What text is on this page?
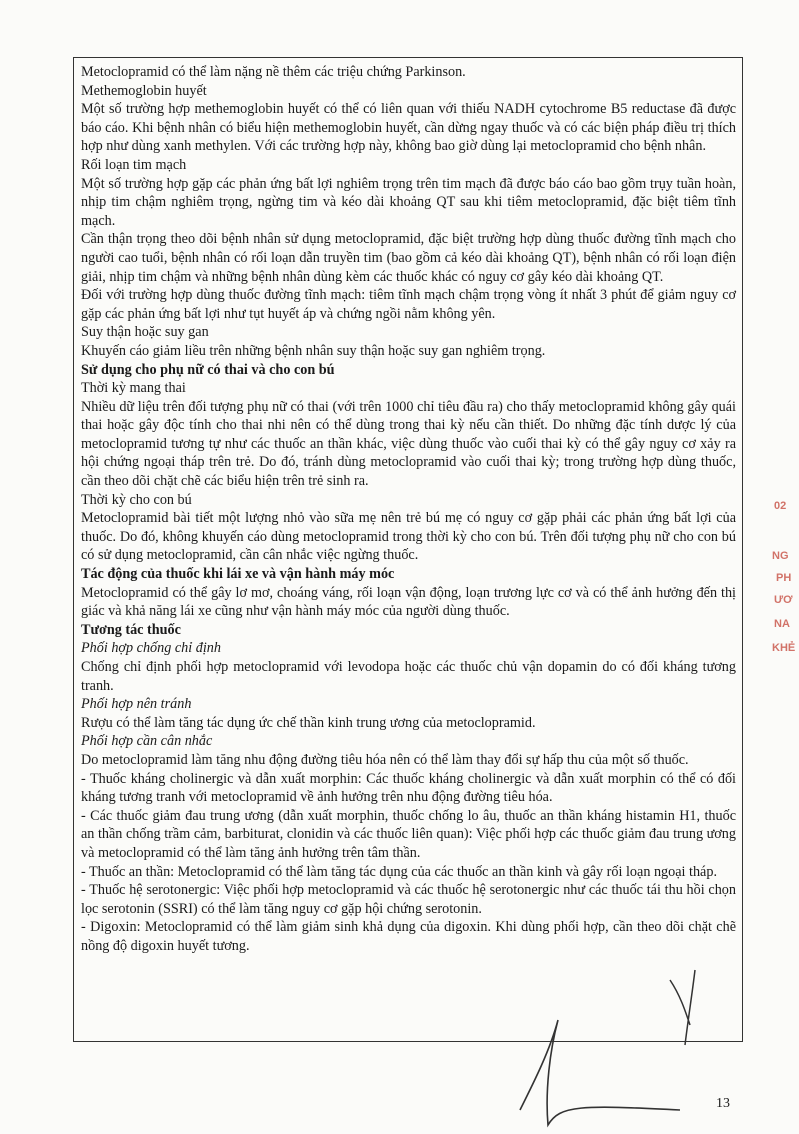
Metoclopramid có thể làm nặng nề thêm các triệu chứng Parkinson.

Methemoglobin huyết

Một số trường hợp methemoglobin huyết có thể có liên quan với thiếu NADH cytochrome B5 reductase đã được báo cáo. Khi bệnh nhân có biểu hiện methemoglobin huyết, cần dừng ngay thuốc và có các biện pháp điều trị thích hợp như dùng xanh methylen. Với các trường hợp này, không bao giờ dùng lại metoclopramid cho bệnh nhân.

Rối loạn tim mạch

Một số trường hợp gặp các phản ứng bất lợi nghiêm trọng trên tim mạch đã được báo cáo bao gồm trụy tuần hoàn, nhịp tim chậm nghiêm trọng, ngừng tim và kéo dài khoảng QT sau khi tiêm metoclopramid, đặc biệt tiêm tĩnh mạch.

Cần thận trọng theo dõi bệnh nhân sử dụng metoclopramid, đặc biệt trường hợp dùng thuốc đường tĩnh mạch cho người cao tuổi, bệnh nhân có rối loạn dẫn truyền tim (bao gồm cả kéo dài khoảng QT), bệnh nhân có rối loạn điện giải, nhịp tim chậm và những bệnh nhân dùng kèm các thuốc khác có nguy cơ gây kéo dài khoảng QT.

Đối với trường hợp dùng thuốc đường tĩnh mạch: tiêm tĩnh mạch chậm trọng vòng ít nhất 3 phút để giảm nguy cơ gặp các phản ứng bất lợi như tụt huyết áp và chứng ngồi nằm không yên.

Suy thận hoặc suy gan

Khuyến cáo giảm liều trên những bệnh nhân suy thận hoặc suy gan nghiêm trọng.

Sử dụng cho phụ nữ có thai và cho con bú

Thời kỳ mang thai

Nhiều dữ liệu trên đối tượng phụ nữ có thai (với trên 1000 chỉ tiêu đầu ra) cho thấy metoclopramid không gây quái thai hoặc gây độc tính cho thai nhi nên có thể dùng trong thai kỳ nếu cần thiết. Do những đặc tính dược lý của metoclopramid tương tự như các thuốc an thần khác, việc dùng thuốc vào cuối thai kỳ có thể gây nguy cơ xảy ra hội chứng ngoại tháp trên trẻ. Do đó, tránh dùng metoclopramid vào cuối thai kỳ; trong trường hợp dùng thuốc, cần theo dõi chặt chẽ các biểu hiện trên trẻ sinh ra.

Thời kỳ cho con bú

Metoclopramid bài tiết một lượng nhỏ vào sữa mẹ nên trẻ bú mẹ có nguy cơ gặp phải các phản ứng bất lợi của thuốc. Do đó, không khuyến cáo dùng metoclopramid trong thời kỳ cho con bú. Trên đối tượng phụ nữ cho con bú có sử dụng metoclopramid, cần cân nhắc việc ngừng thuốc.

Tác động của thuốc khi lái xe và vận hành máy móc

Metoclopramid có thể gây lơ mơ, choáng váng, rối loạn vận động, loạn trương lực cơ và có thể ảnh hưởng đến thị giác và khả năng lái xe cũng như vận hành máy móc của người dùng thuốc.

Tương tác thuốc

Phối hợp chống chỉ định

Chống chỉ định phối hợp metoclopramid với levodopa hoặc các thuốc chủ vận dopamin do có đối kháng tương tranh.

Phối hợp nên tránh

Rượu có thể làm tăng tác dụng ức chế thần kinh trung ương của metoclopramid.

Phối hợp cần cân nhắc

Do metoclopramid làm tăng nhu động đường tiêu hóa nên có thể làm thay đổi sự hấp thu của một số thuốc.

- Thuốc kháng cholinergic và dẫn xuất morphin: Các thuốc kháng cholinergic và dẫn xuất morphin có thể có đối kháng tương tranh với metoclopramid về ảnh hưởng trên nhu động đường tiêu hóa.

- Các thuốc giảm đau trung ương (dẫn xuất morphin, thuốc chống lo âu, thuốc an thần kháng histamin H1, thuốc an thần chống trầm cảm, barbiturat, clonidin và các thuốc liên quan): Việc phối hợp các thuốc giảm đau trung ương và metoclopramid có thể làm tăng ảnh hưởng trên tâm thần.

- Thuốc an thần: Metoclopramid có thể làm tăng tác dụng của các thuốc an thần kinh và gây rối loạn ngoại tháp.

- Thuốc hệ serotonergic: Việc phối hợp metoclopramid và các thuốc hệ serotonergic như các thuốc tái thu hồi chọn lọc serotonin (SSRI) có thể làm tăng nguy cơ gặp hội chứng serotonin.

- Digoxin: Metoclopramid có thể làm giảm sinh khả dụng của digoxin. Khi dùng phối hợp, cần theo dõi chặt chẽ nồng độ digoxin huyết tương.

02
NG
PH
ƯƠ
NA
KHẺ
13
